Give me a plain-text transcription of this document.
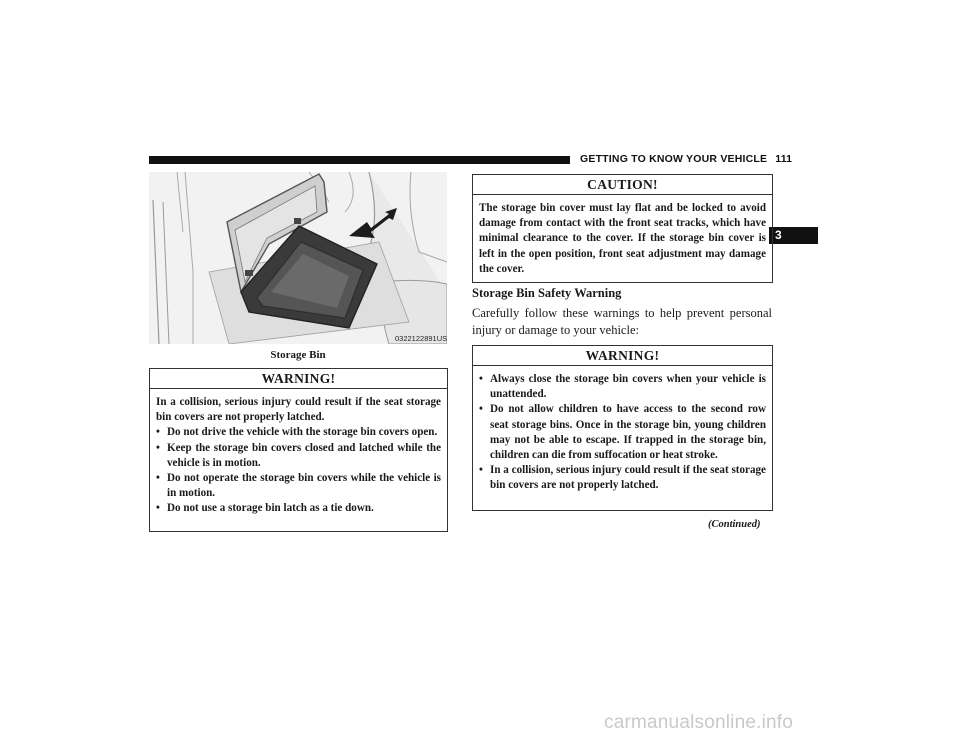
GETTING TO KNOW YOUR VEHICLE 111
3
0322122891US
Storage Bin
WARNING!
In a collision, serious injury could result if the seat storage bin covers are not properly latched.
• Do not drive the vehicle with the storage bin covers open.
• Keep the storage bin covers closed and latched while the vehicle is in motion.
• Do not operate the storage bin covers while the vehicle is in motion.
• Do not use a storage bin latch as a tie down.
CAUTION!
The storage bin cover must lay flat and be locked to avoid damage from contact with the front seat tracks, which have minimal clearance to the cover. If the storage bin cover is left in the open position, front seat adjustment may damage the cover.
Storage Bin Safety Warning
Carefully follow these warnings to help prevent personal injury or damage to your vehicle:
WARNING!
• Always close the storage bin covers when your vehicle is unattended.
• Do not allow children to have access to the second row seat storage bins. Once in the storage bin, young children may not be able to escape. If trapped in the storage bin, children can die from suffocation or heat stroke.
• In a collision, serious injury could result if the seat storage bin covers are not properly latched.
(Continued)
carmanualsonline.info
